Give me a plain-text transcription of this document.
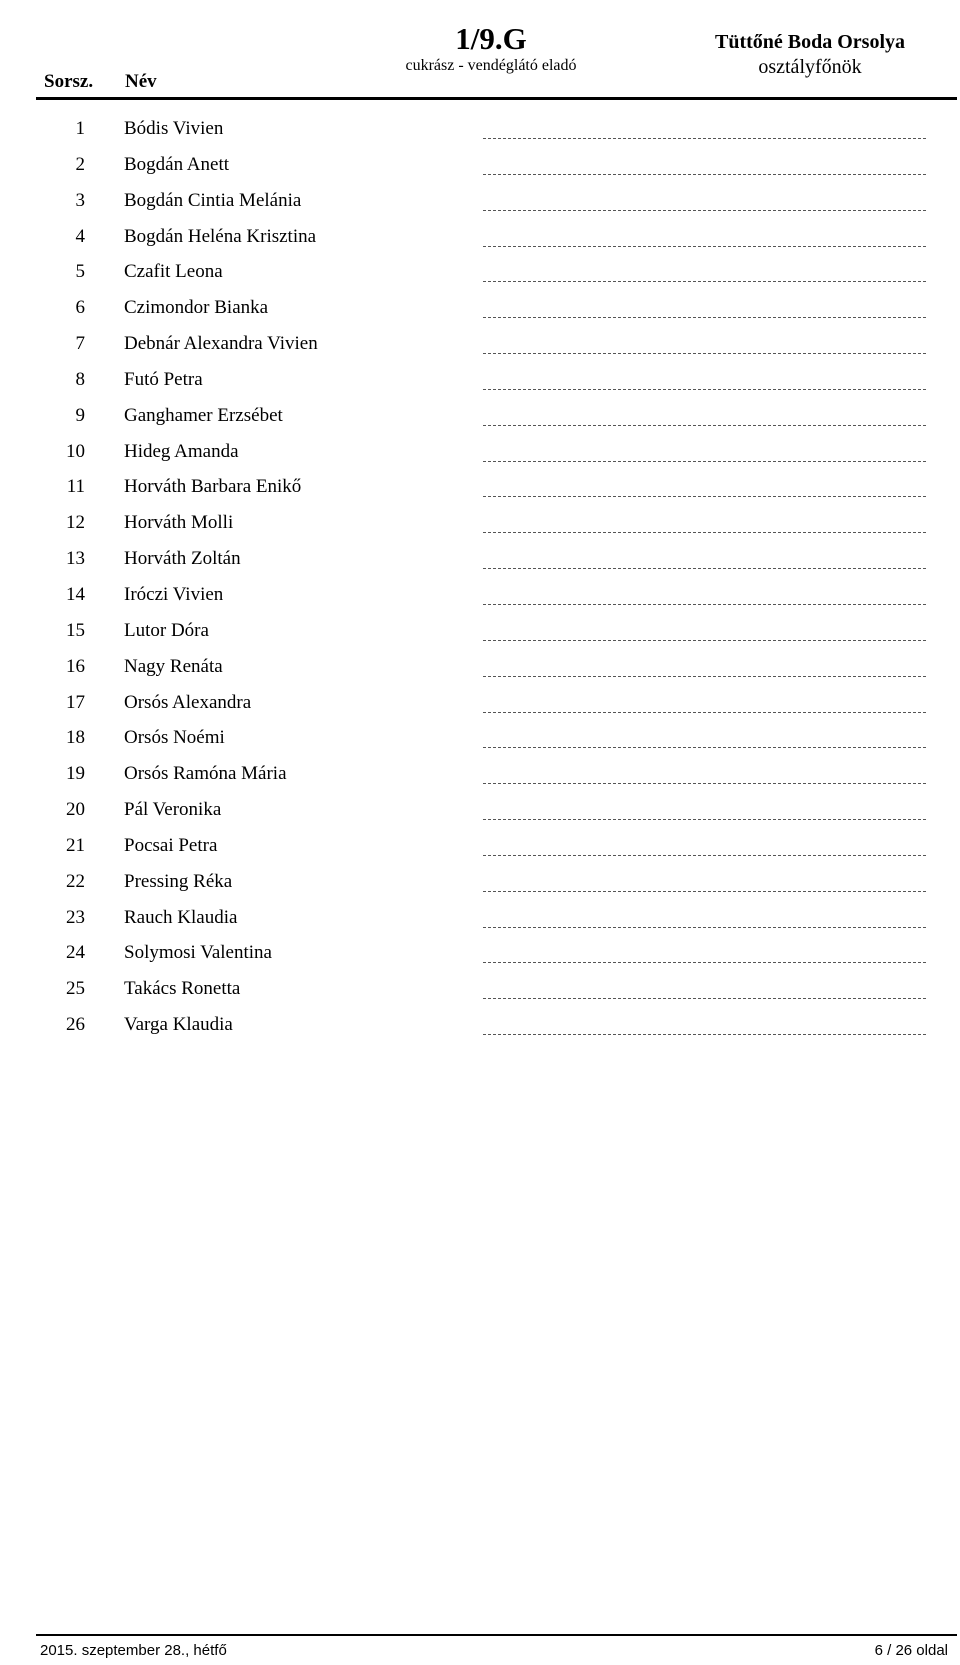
Sorsz. Név
1/9.G
cukrász - vendéglátó eladó
Tüttőné Boda Orsolya
osztályfőnök
1 Bódis Vivien
2 Bogdán Anett
3 Bogdán Cintia Melánia
4 Bogdán Heléna Krisztina
5 Czafit Leona
6 Czimondor Bianka
7 Debnár Alexandra Vivien
8 Futó Petra
9 Ganghamer Erzsébet
10 Hideg Amanda
11 Horváth Barbara Enikő
12 Horváth Molli
13 Horváth Zoltán
14 Iróczi Vivien
15 Lutor Dóra
16 Nagy Renáta
17 Orsós Alexandra
18 Orsós Noémi
19 Orsós Ramóna Mária
20 Pál Veronika
21 Pocsai Petra
22 Pressing Réka
23 Rauch Klaudia
24 Solymosi Valentina
25 Takács Ronetta
26 Varga Klaudia
2015. szeptember 28., hétfő	6 / 26 oldal
